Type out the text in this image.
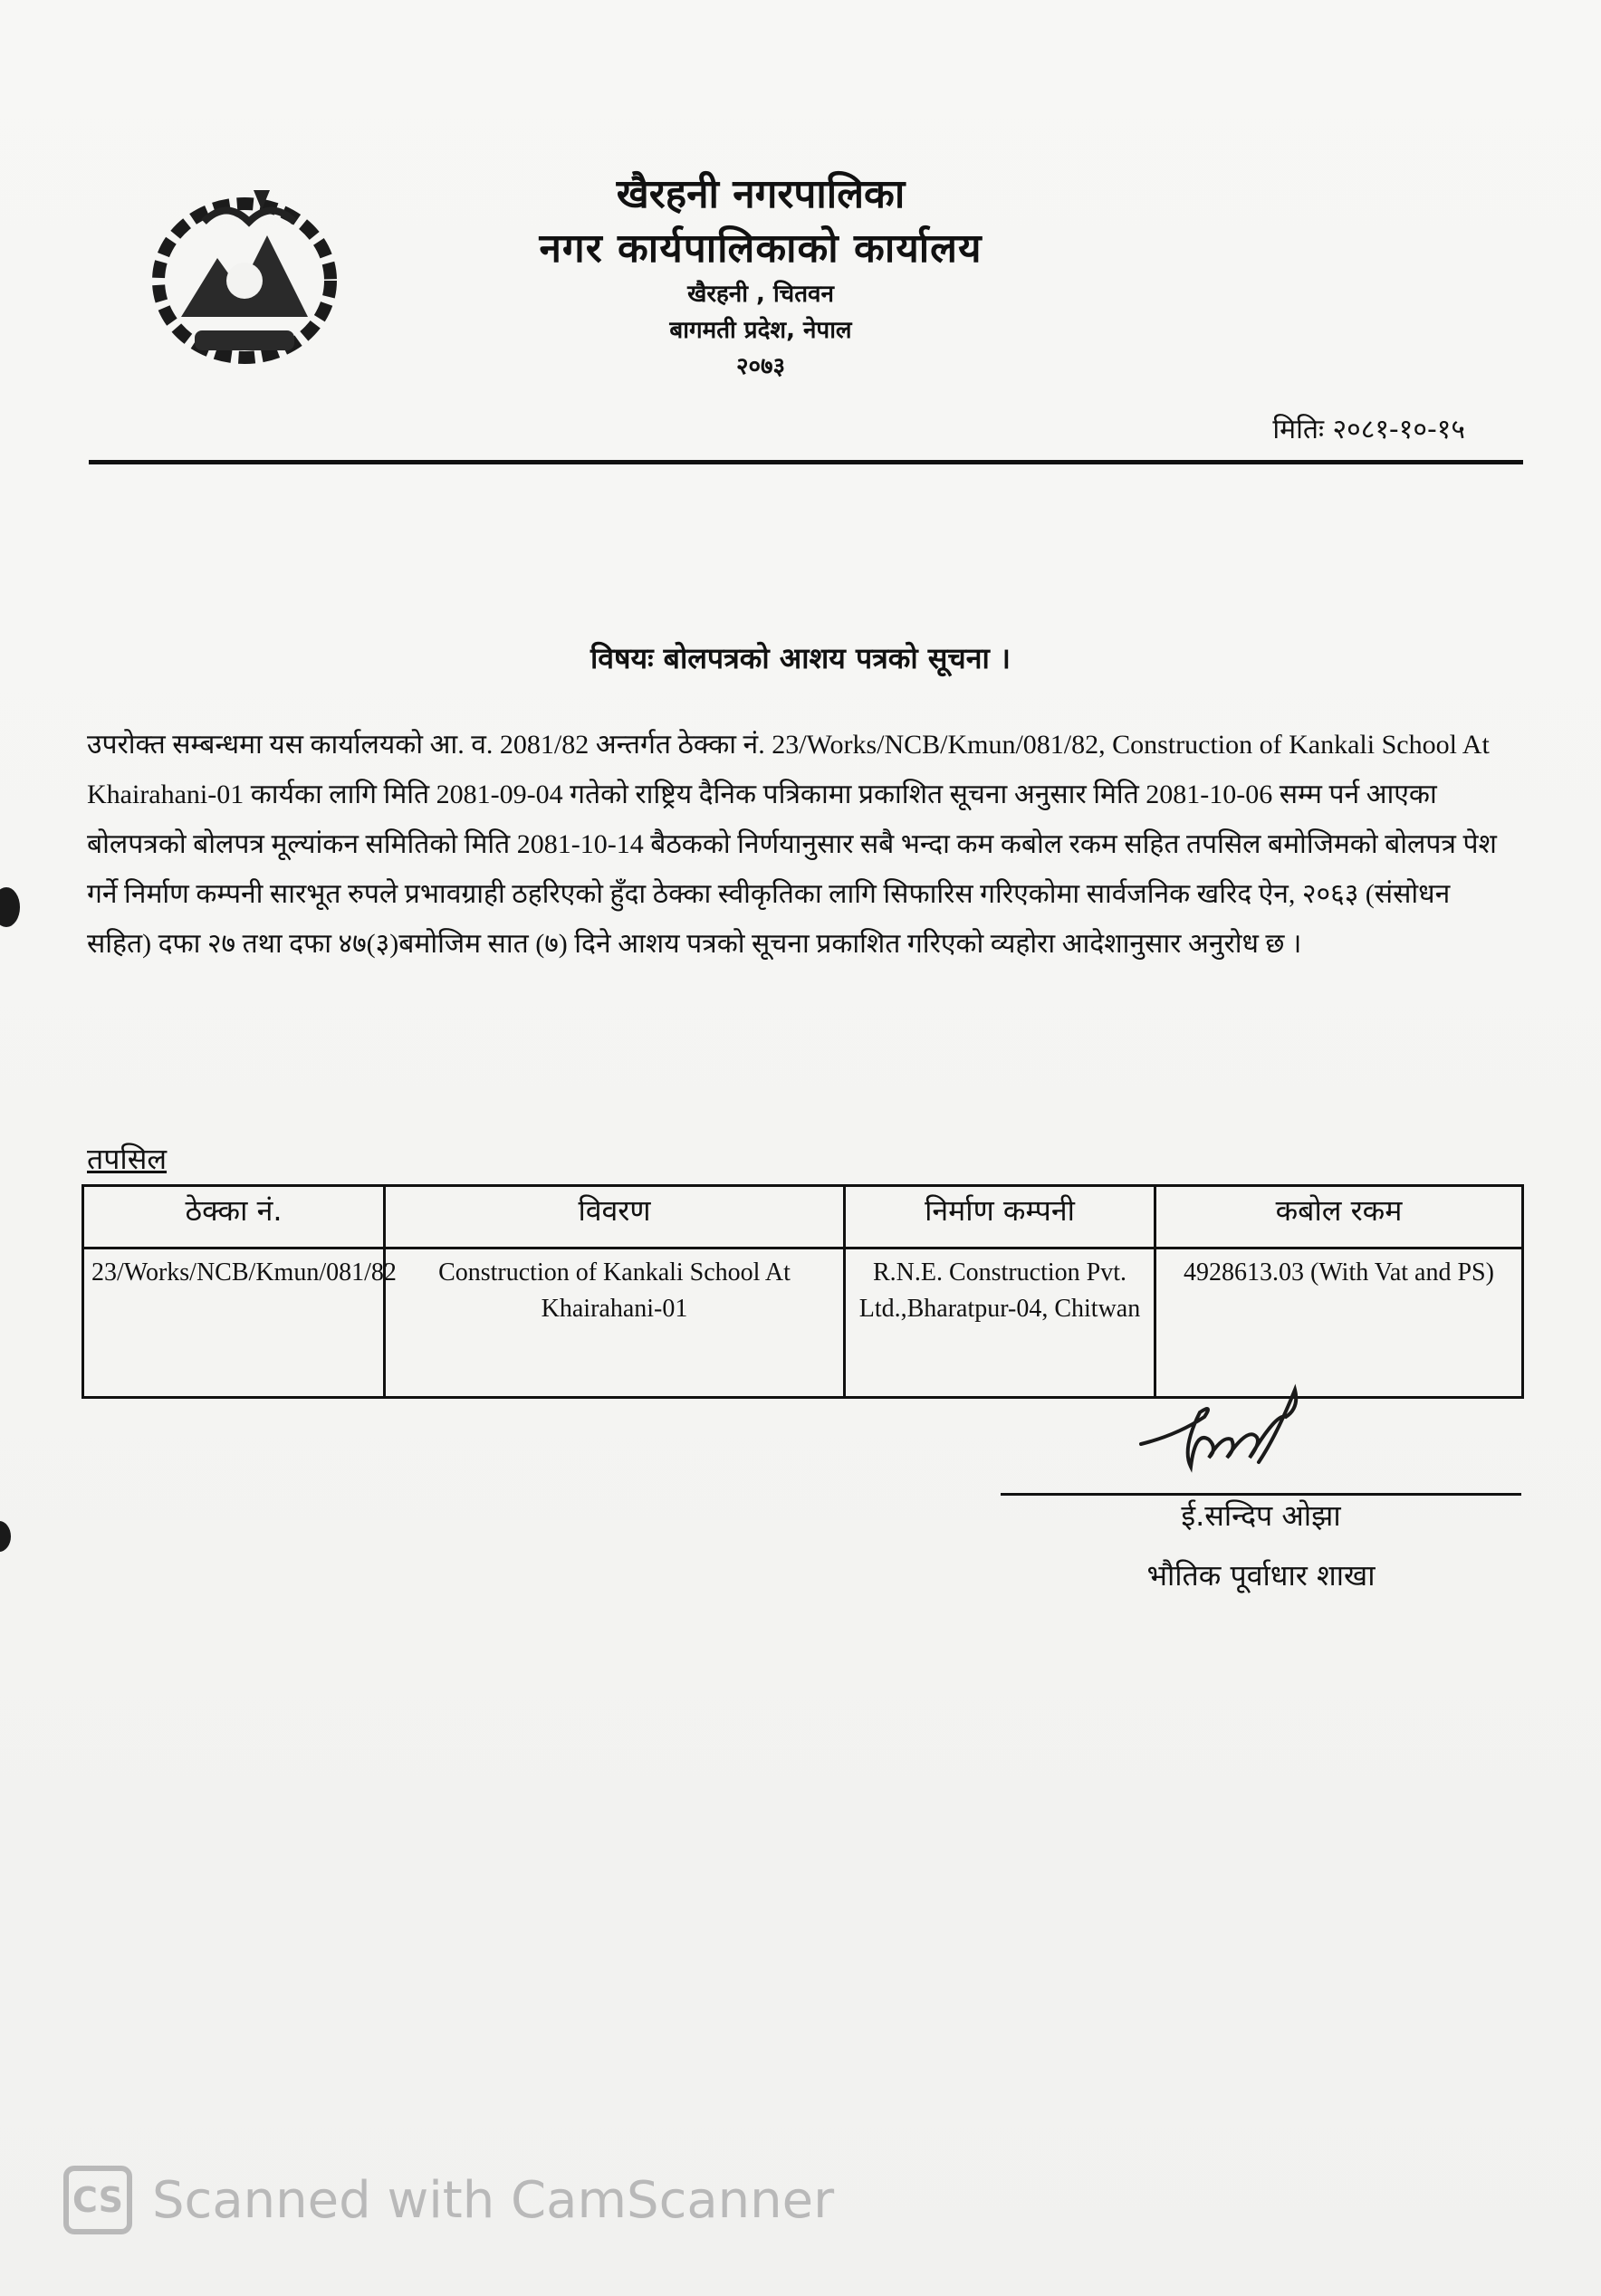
खैरहनी नगरपालिका
नगर कार्यपालिकाको कार्यालय
खैरहनी , चितवन
बागमती प्रदेश, नेपाल
२०७३
मितिः २०८१-१०-१५
विषयः बोलपत्रको आशय पत्रको सूचना ।
उपरोक्त सम्बन्धमा यस कार्यालयको आ. व. 2081/82 अन्तर्गत ठेक्का नं. 23/Works/NCB/Kmun/081/82, Construction of Kankali School At Khairahani-01 कार्यका लागि मिति 2081-09-04 गतेको राष्ट्रिय दैनिक पत्रिकामा प्रकाशित सूचना अनुसार मिति 2081-10-06 सम्म पर्न आएका बोलपत्रको बोलपत्र मूल्यांकन समितिको मिति 2081-10-14 बैठकको निर्णयानुसार सबै भन्दा कम कबोल रकम सहित तपसिल बमोजिमको बोलपत्र पेश गर्ने निर्माण कम्पनी सारभूत रुपले प्रभावग्राही ठहरिएको हुँदा ठेक्का स्वीकृतिका लागि सिफारिस गरिएकोमा सार्वजनिक खरिद ऐन, २०६३ (संसोधन सहित) दफा २७ तथा दफा ४७(३)बमोजिम सात (७) दिने आशय पत्रको सूचना प्रकाशित गरिएको व्यहोरा आदेशानुसार अनुरोध छ ।
तपसिल
ठेक्का नं.	विवरण	निर्माण कम्पनी	कबोल रकम
23/Works/NCB/Kmun/081/82	Construction of Kankali School At Khairahani-01	R.N.E. Construction Pvt. Ltd.,Bharatpur-04, Chitwan	4928613.03 (With Vat and PS)
ई.सन्दिप ओझा
भौतिक पूर्वाधार शाखा
CS Scanned with CamScanner
